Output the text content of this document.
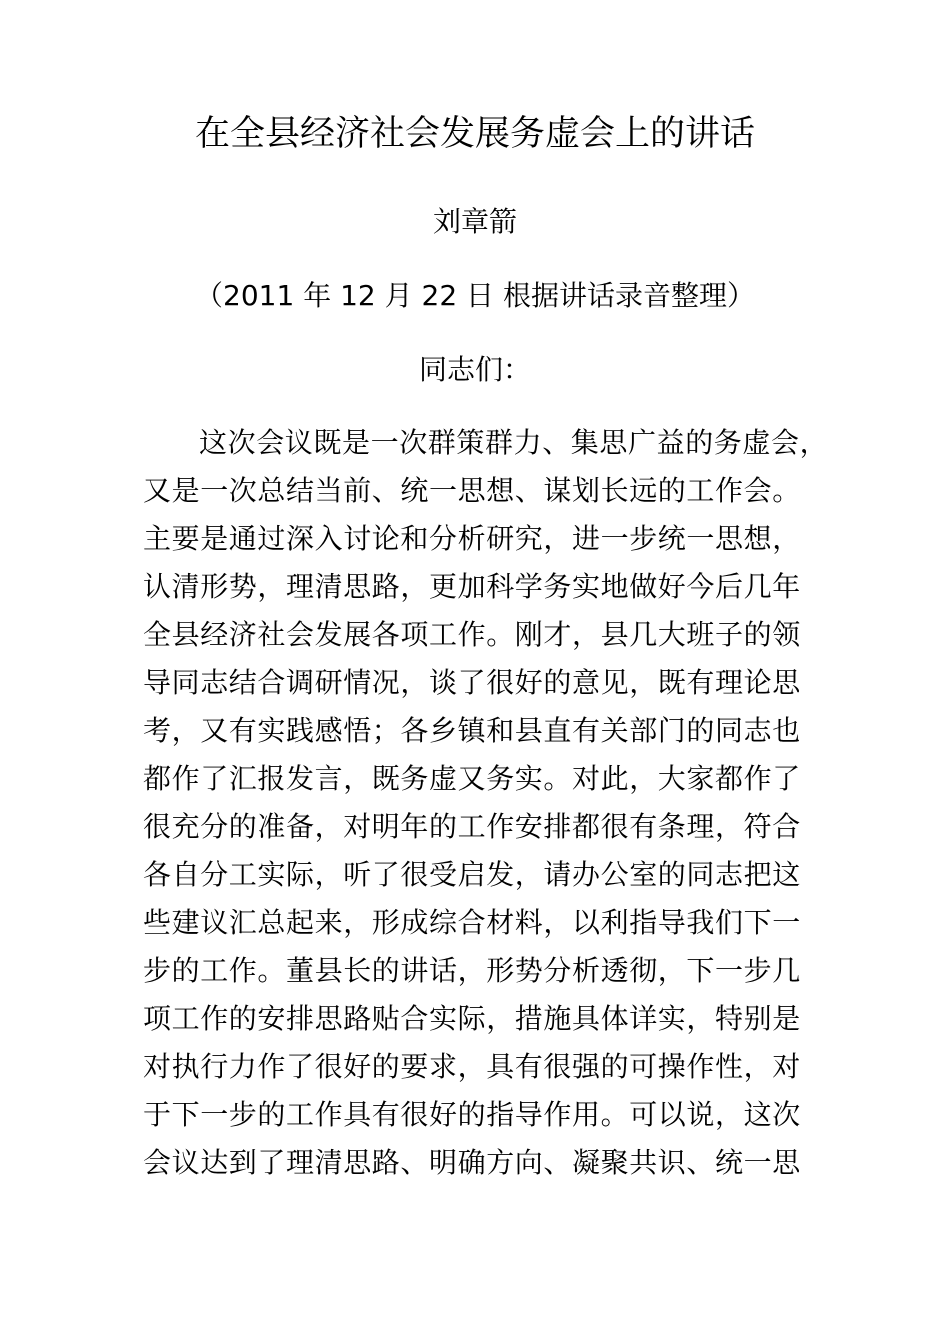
在全县经济社会发展务虚会上的讲话
刘章箭
（2011 年 12 月 22 日 根据讲话录音整理）
同志们：
这次会议既是一次群策群力、集思广益的务虚会，
又是一次总结当前、统一思想、谋划长远的工作会。
主要是通过深入讨论和分析研究，进一步统一思想，
认清形势，理清思路，更加科学务实地做好今后几年
全县经济社会发展各项工作。刚才，县几大班子的领
导同志结合调研情况，谈了很好的意见，既有理论思
考，又有实践感悟；各乡镇和县直有关部门的同志也
都作了汇报发言，既务虚又务实。对此，大家都作了
很充分的准备，对明年的工作安排都很有条理，符合
各自分工实际，听了很受启发，请办公室的同志把这
些建议汇总起来，形成综合材料，以利指导我们下一
步的工作。董县长的讲话，形势分析透彻，下一步几
项工作的安排思路贴合实际，措施具体详实，特别是
对执行力作了很好的要求，具有很强的可操作性，对
于下一步的工作具有很好的指导作用。可以说，这次
会议达到了理清思路、明确方向、凝聚共识、统一思
